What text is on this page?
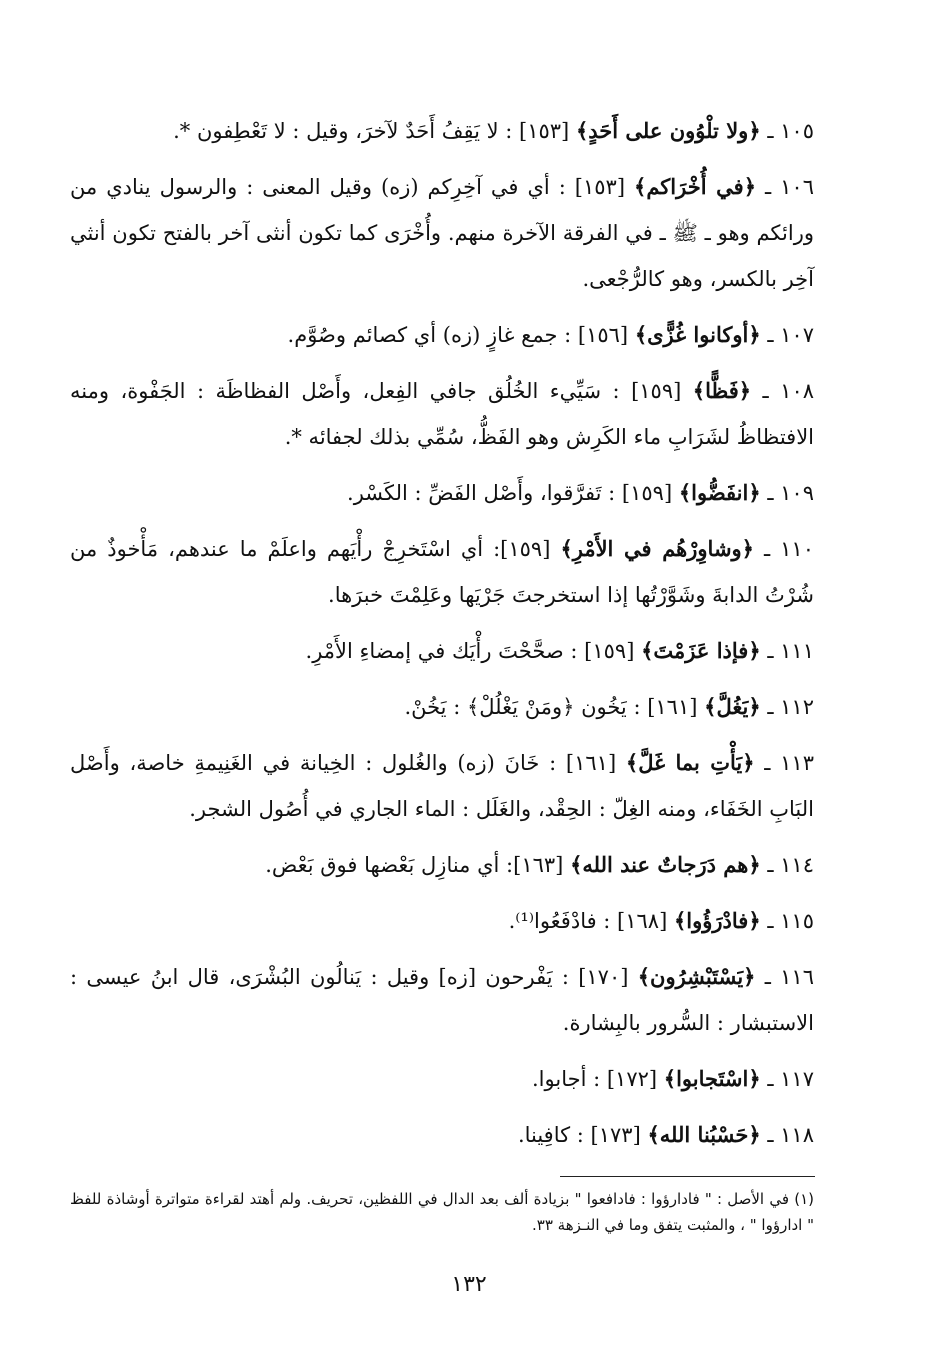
١٠٥ ـ ﴿ولا تلْوُون على أَحَدٍ﴾ [١٥٣] : لا يَقِفُ أَحَدٌ لآخرَ، وقيل : لا تَعْطِفون *.

١٠٦ ـ ﴿في أُخْرَاكم﴾ [١٥٣] : أي في آخِرِكم (زه) وقيل المعنى : والرسول ينادي من ورائكم وهو ـ ﷺ ـ في الفرقة الآخرة منهم. وأُخْرَى كما تكون أنثى آخر بالفتح تكون أنثي آخِر بالكسر، وهو كالرُّجْعى.

١٠٧ ـ ﴿أوكانوا غُزًّى﴾ [١٥٦] : جمع غازٍ (زه) أي كصائم وصُوَّم.

١٠٨ ـ ﴿فَظًّا﴾ [١٥٩] : سَيِّيء الخُلُق جافي الفِعل، وأَصْل الفظاظَة : الجَفْوة، ومنه الافتظاظُ لشَرَابِ ماء الكَرِش وهو الفَظُّ، سُمِّي بذلك لجفائه *.

١٠٩ ـ ﴿انفَضُّوا﴾ [١٥٩] : تَفرَّقوا، وأَصْل الفَضِّ : الكَسْر.

١١٠ ـ ﴿وشاوِرْهُم في الأَمْرِ﴾ [١٥٩]: أي اسْتَخرِجْ رأْيَهم واعلَمْ ما عندهم، مَأْخوذٌ من شُرْتُ الدابةَ وشَوَّرْتُها إذا استخرجتَ جَرْيَها وعَلِمْتَ خبرَها.

١١١ ـ ﴿فإذا عَزَمْتَ﴾ [١٥٩] : صحَّحْتَ رأْيَك في إمضاءِ الأَمْرِ.

١١٢ ـ ﴿يَغُلَّ﴾ [١٦١] : يَخُون ﴿ومَنْ يَغْلُلْ﴾ : يَخُنْ.

١١٣ ـ ﴿يَأْتِ بما غَلَّ﴾ [١٦١] : خَانَ (زه) والغُلول : الخِيانة في الغَنِيمةِ خاصة، وأَصْل البَابِ الخَفَاء، ومنه الغِلّ : الحِقْد، والغَلَل : الماء الجاري في أُصُول الشجر.

١١٤ ـ ﴿هم دَرَجاتٌ عند الله﴾ [١٦٣]: أي منازِل بَعْضها فوق بَعْض.

١١٥ ـ ﴿فادْرَؤُوا﴾ [١٦٨] : فادْفَعُوا⁽¹⁾.

١١٦ ـ ﴿يَسْتَبْشِرُون﴾ [١٧٠] : يَفْرحون [زه] وقيل : يَنالُون البُشْرَى، قال ابنُ عيسى : الاستبشار : السُّرور بالبِشارة.

١١٧ ـ ﴿اسْتَجابوا﴾ [١٧٢] : أجابوا.

١١٨ ـ ﴿حَسْبُنا الله﴾ [١٧٣] : كافِينا.

(١) في الأصل : " فادارؤوا : فادافعوا " بزيادة ألف بعد الدال في اللفظين، تحريف. ولم أهتد لقراءة متواترة أوشاذة للفظ " ادارؤوا " ، والمثبت يتفق وما في النـزهة ٣٣.
١٣٢
